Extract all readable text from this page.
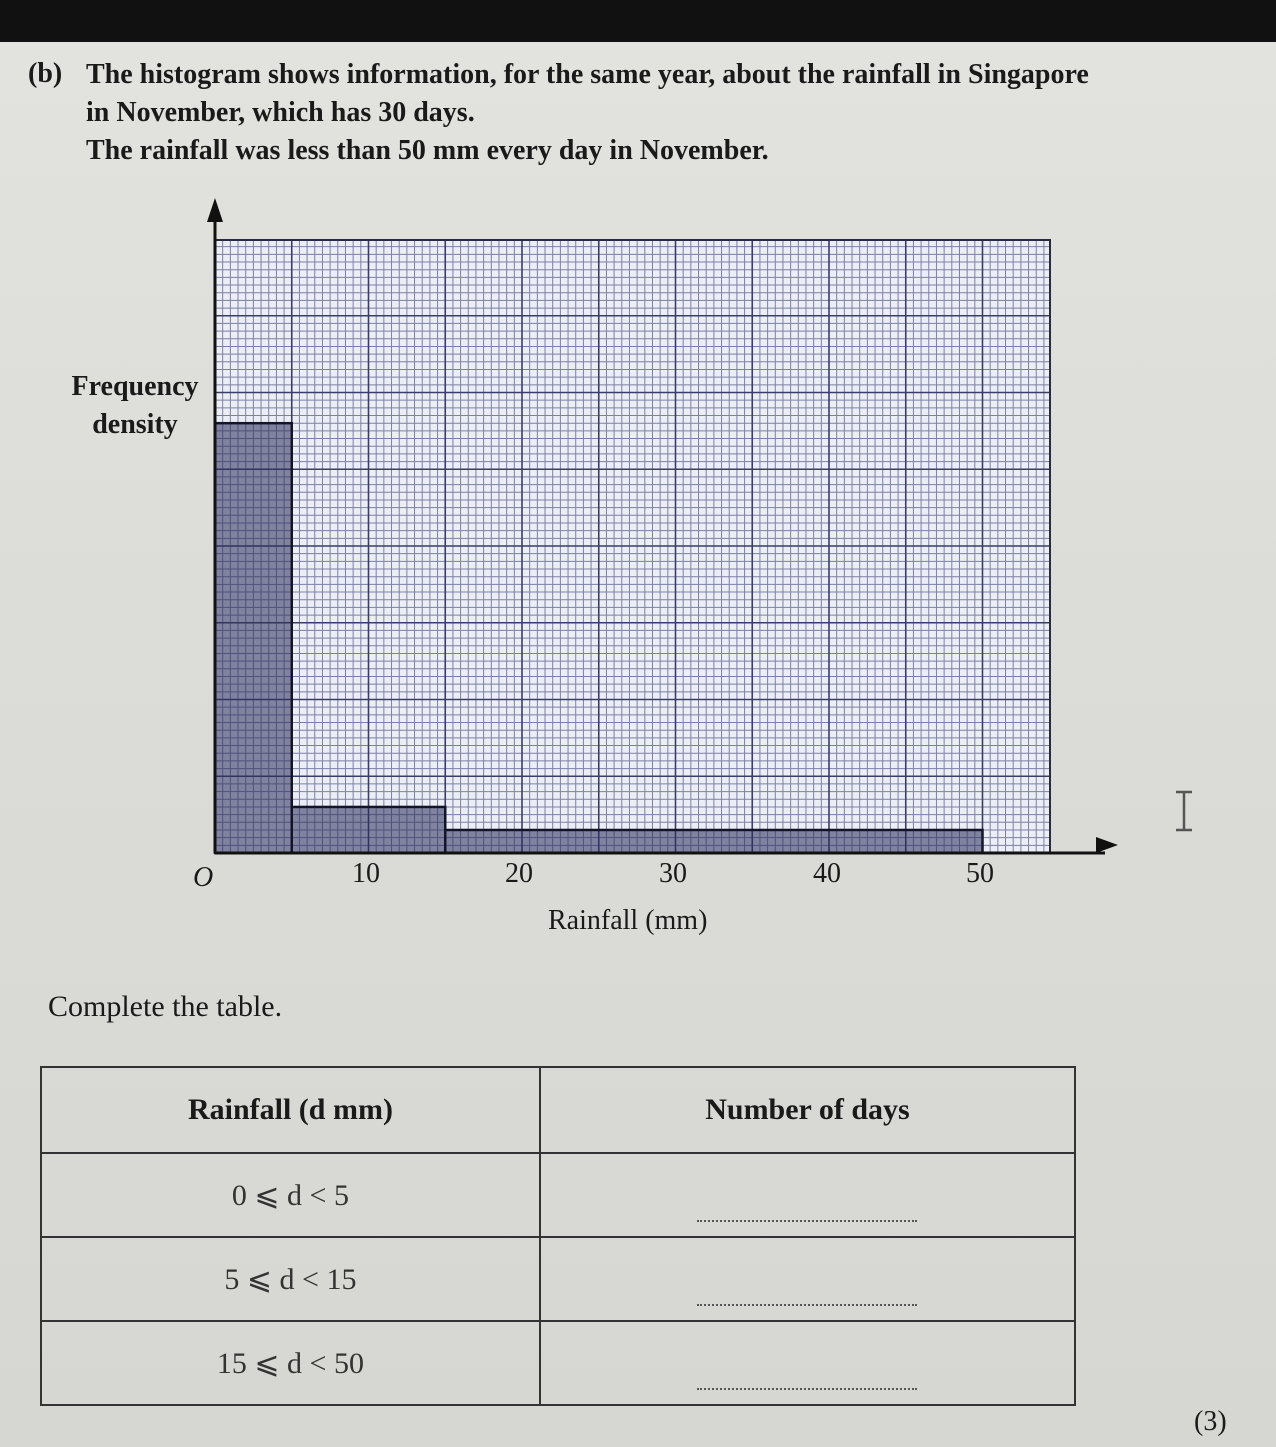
(b) The histogram shows information, for the same year, about the rainfall in Singapore
in November, which has 30 days.
The rainfall was less than 50 mm every day in November.
Frequency
density
O	10	20	30	40	50
Rainfall (mm)
Complete the table.
Rainfall (d mm)	Number of days
0 ⩽ d < 5	
5 ⩽ d < 15	
15 ⩽ d < 50	
(3)
